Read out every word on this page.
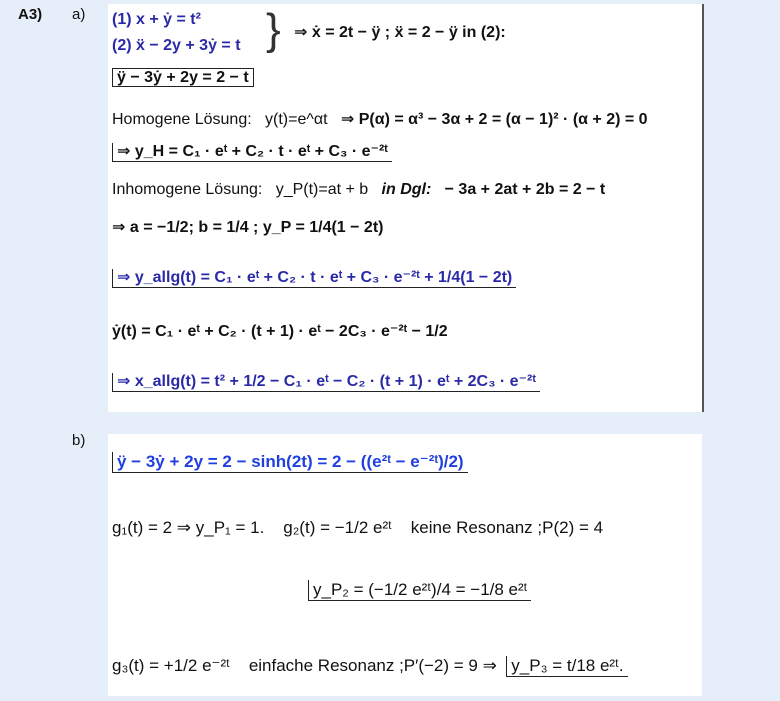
A3) a)
b)
(1) x + ẏ = t²
(2) ẍ − 2y + 3ẏ = t } ⇒ ẋ = 2t − ÿ ; ẍ = 2 − ÿ in (2):
ÿ − 3ẏ + 2y = 2 − t
Homogene Lösung: y(t)=e^αt ⇒ P(α) = α³ − 3α + 2 = (α − 1)² · (α + 2) = 0
⇒ y_H = C₁ · eᵗ + C₂ · t · eᵗ + C₃ · e⁻²ᵗ
Inhomogene Lösung: y_P(t)=at + b in Dgl: − 3a + 2at + 2b = 2 − t
⇒ a = −1/2; b = 1/4 ; y_P = 1/4(1 − 2t)
⇒ y_allg(t) = C₁ · eᵗ + C₂ · t · eᵗ + C₃ · e⁻²ᵗ + 1/4(1 − 2t)
ẏ(t) = C₁ · eᵗ + C₂ · (t + 1) · eᵗ − 2C₃ · e⁻²ᵗ − 1/2
⇒ x_allg(t) = t² + 1/2 − C₁ · eᵗ − C₂ · (t + 1) · eᵗ + 2C₃ · e⁻²ᵗ
ÿ − 3ẏ + 2y = 2 − sinh(2t) = 2 − ((e²ᵗ − e⁻²ᵗ)/2)
g₁(t) = 2 ⇒ y_P₁ = 1. g₂(t) = −1/2 e²ᵗ keine Resonanz ;P(2) = 4
y_P₂ = (−1/2 e²ᵗ)/4 = −1/8 e²ᵗ
g₃(t) = +1/2 e⁻²ᵗ einfache Resonanz ;P′(−2) = 9 ⇒ y_P₃ = t/18 e²ᵗ.
